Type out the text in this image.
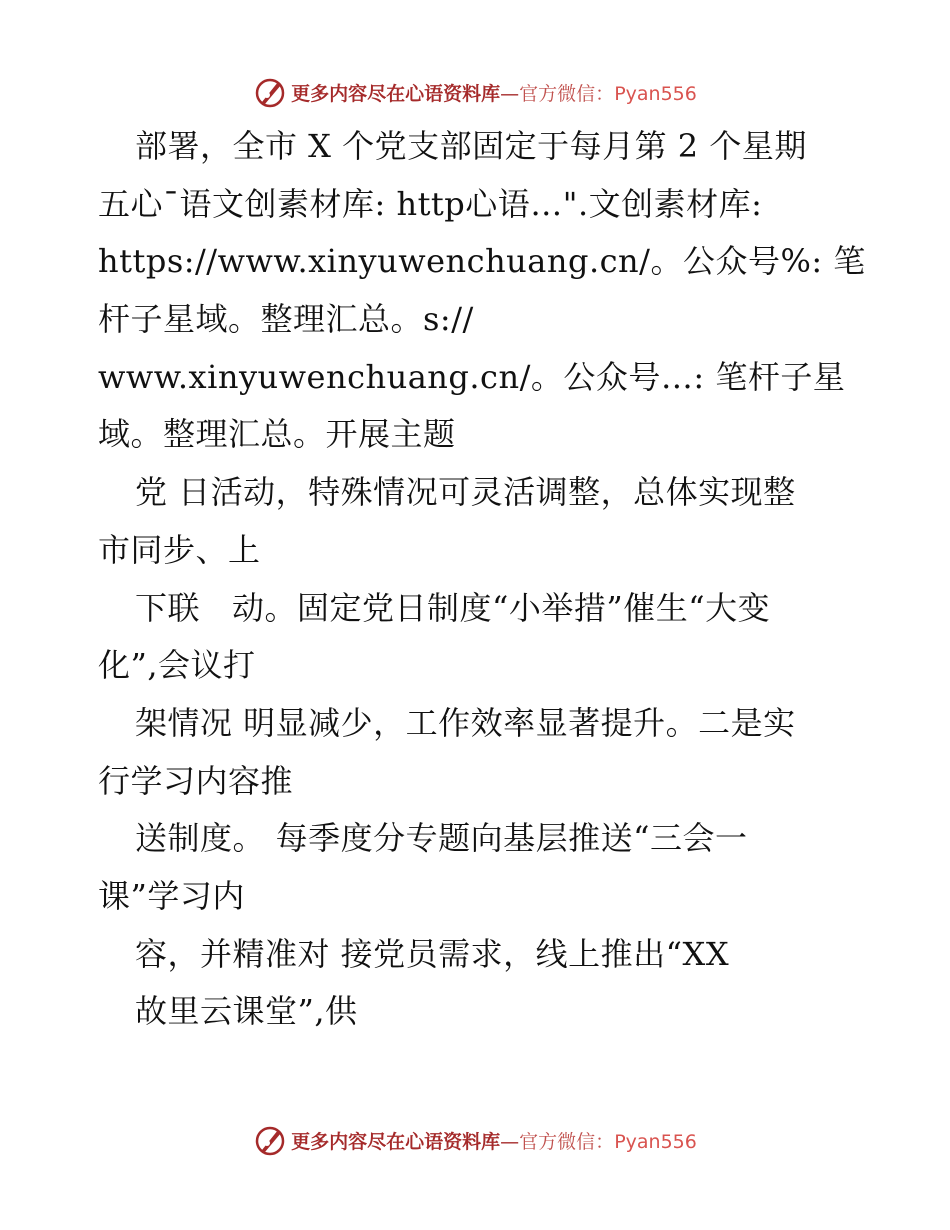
更多内容尽在心语资料库—官方微信：Pyan556
部署，全市 X 个党支部固定于每月第 2 个星期
五心¯语文创素材库: http心语…".文创素材库:
https://www.xinyuwenchuang.cn/。公众号%: 笔
杆子星域。整理汇总。s://
www.xinyuwenchuang.cn/。公众号…: 笔杆子星
域。整理汇总。开展主题
党 日活动，特殊情况可灵活调整，总体实现整
市同步、上
下联   动。固定党日制度“小举措”催生“大变
化”,会议打
架情况 明显减少，工作效率显著提升。二是实
行学习内容推
送制度。 每季度分专题向基层推送“三会一
课”学习内
容，并精准对 接党员需求，线上推出“XX
故里云课堂”,供
更多内容尽在心语资料库—官方微信：Pyan556
